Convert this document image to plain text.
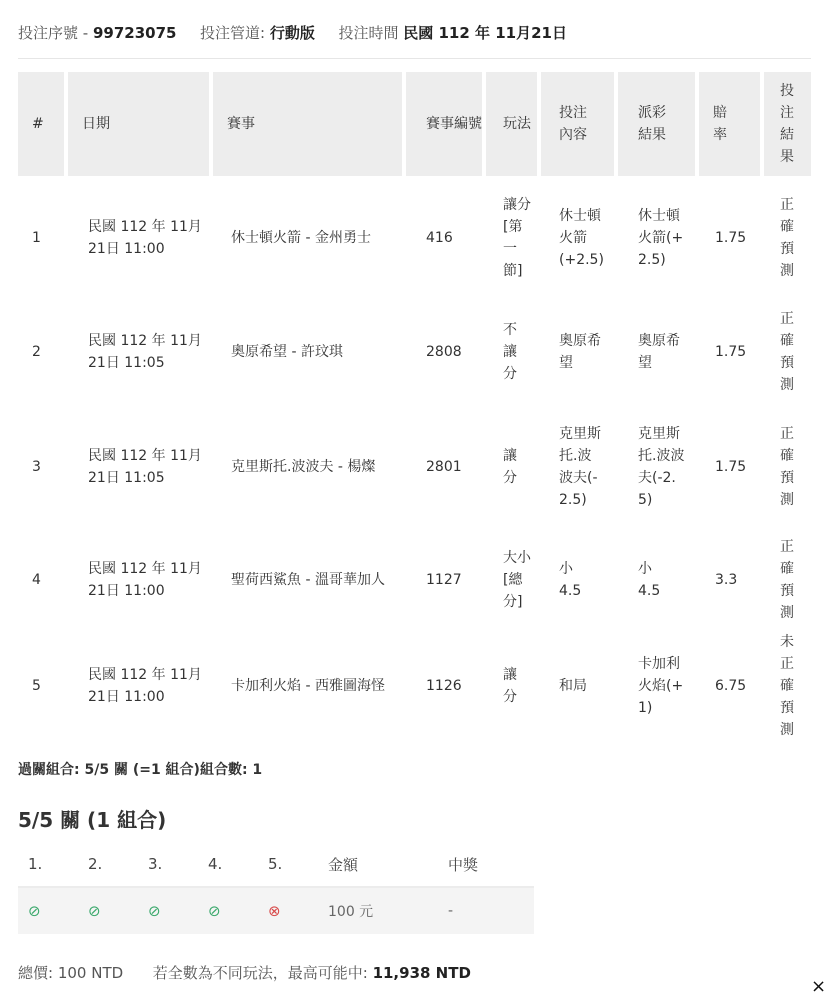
投注序號 - 99723075 投注管道: 行動版 投注時間 民國 112 年 11月21日
#	日期	賽事	賽事編號	玩法	投注內容	派彩結果	賠率	投注結果
1	民國 112 年 11月21日 11:00	休士頓火箭 - 金州勇士	416	讓分[第一節]	休士頓火箭(+2.5)	休士頓火箭(+2.5)	1.75	正確預測
2	民國 112 年 11月21日 11:05	奧原希望 - 許玟琪	2808	不讓分	奧原希望	奧原希望	1.75	正確預測
3	民國 112 年 11月21日 11:05	克里斯托.波波夫 - 楊燦	2801	讓分	克里斯托.波波夫(-2.5)	克里斯托.波波夫(-2.5)	1.75	正確預測
4	民國 112 年 11月21日 11:00	聖荷西鯊魚 - 溫哥華加人	1127	大小[總分]	小 4.5	小 4.5	3.3	正確預測
5	民國 112 年 11月21日 11:00	卡加利火焰 - 西雅圖海怪	1126	讓分	和局	卡加利火焰(+1)	6.75	未正確預測
過關組合: 5/5 關 (=1 組合)組合數: 1
5/5 關 (1 組合)
1.	2.	3.	4.	5.	金額	中獎
⊘	⊘	⊘	⊘	⊗	100 元	-
總價: 100 NTD 若全數為不同玩法，最高可能中: 11,938 NTD
×
